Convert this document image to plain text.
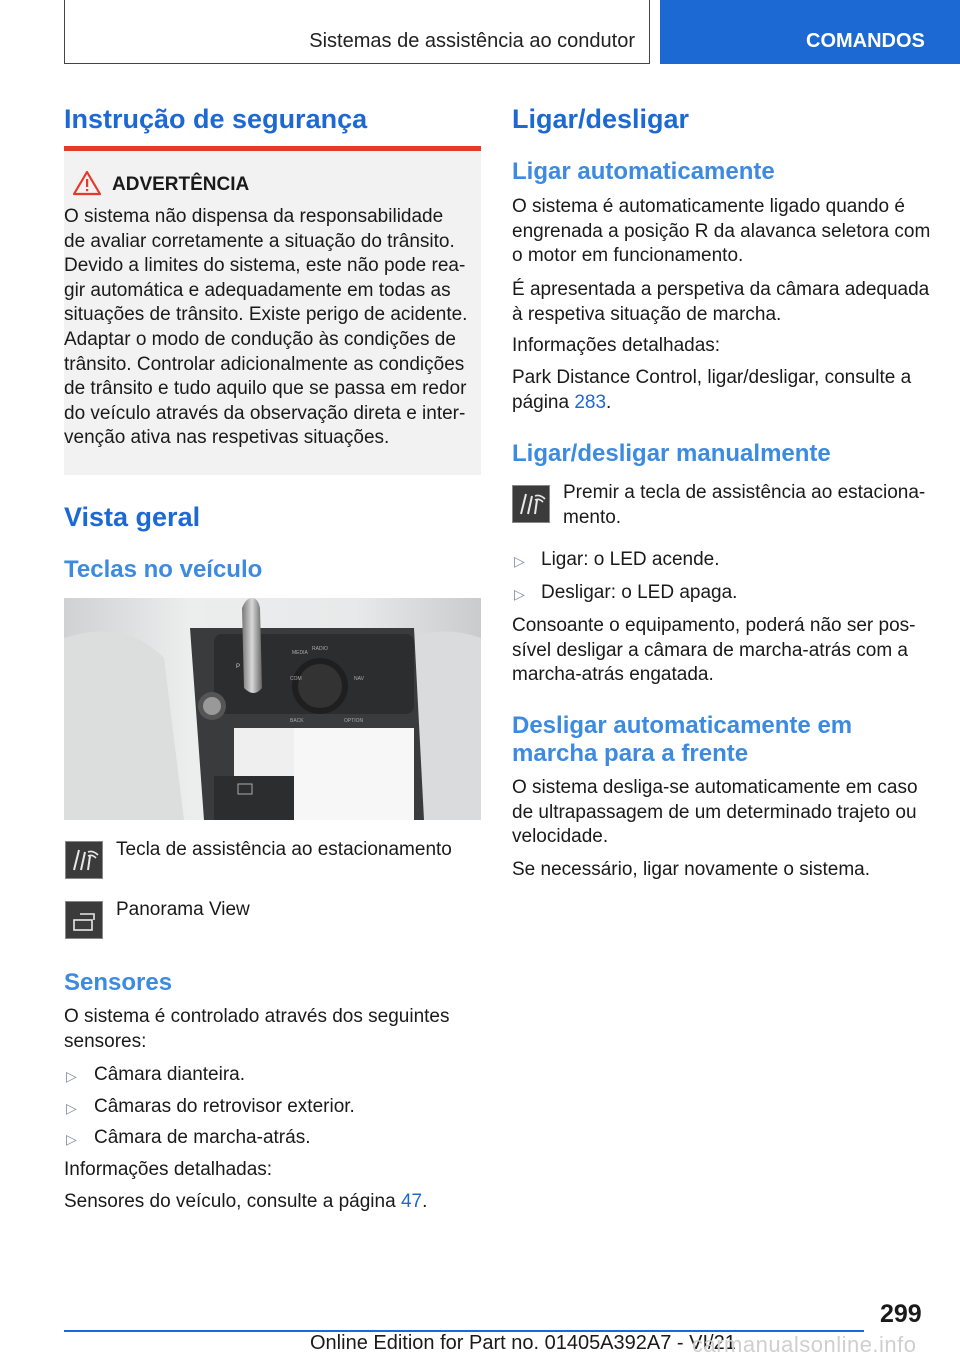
Sistemas de assistência ao condutor	COMANDOS
Instrução de segurança
ADVERTÊNCIA
O sistema não dispensa da responsabilidade
de avaliar corretamente a situação do trânsito.
Devido a limites do sistema, este não pode rea-
gir automática e adequadamente em todas as
situações de trânsito. Existe perigo de acidente.
Adaptar o modo de condução às condições de
trânsito. Controlar adicionalmente as condições
de trânsito e tudo aquilo que se passa em redor
do veículo através da observação direta e inter-
venção ativa nas respetivas situações.
Vista geral
Teclas no veículo
MEDIA
RADIO
COM	NAV
BACK	OPTION
P
Tecla de assistência ao estacionamento
Panorama View
Sensores
O sistema é controlado através dos seguintes
sensores:
▷ Câmara dianteira.
▷ Câmaras do retrovisor exterior.
▷ Câmara de marcha-atrás.
Informações detalhadas:
Sensores do veículo, consulte a página 47.
Ligar/desligar
Ligar automaticamente
O sistema é automaticamente ligado quando é
engrenada a posição R da alavanca seletora com
o motor em funcionamento.
É apresentada a perspetiva da câmara adequada
à respetiva situação de marcha.
Informações detalhadas:
Park Distance Control, ligar/desligar, consulte a
página 283.
Ligar/desligar manualmente
Premir a tecla de assistência ao estaciona-
mento.
▷ Ligar: o LED acende.
▷ Desligar: o LED apaga.
Consoante o equipamento, poderá não ser pos-
sível desligar a câmara de marcha-atrás com a
marcha-atrás engatada.
Desligar automaticamente em
marcha para a frente
O sistema desliga-se automaticamente em caso
de ultrapassagem de um determinado trajeto ou
velocidade.
Se necessário, ligar novamente o sistema.
299
Online Edition for Part no. 01405A392A7 - VI/21
carmanualsonline.info
